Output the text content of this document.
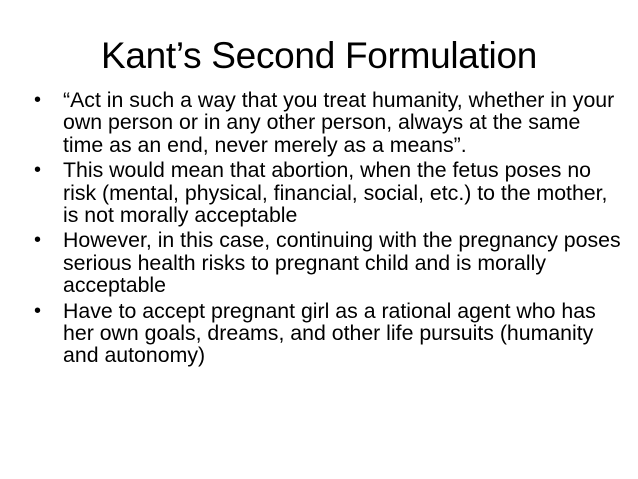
Kant’s Second Formulation
•	“Act in such a way that you treat humanity, whether in your own person or in any other person, always at the same time as an end, never merely as a means”.
•	This would mean that abortion, when the fetus poses no risk (mental, physical, financial, social, etc.) to the mother, is not morally acceptable
•	However, in this case, continuing with the pregnancy poses serious health risks to pregnant child and is morally acceptable
•	Have to accept pregnant girl as a rational agent who has her own goals, dreams, and other life pursuits (humanity and autonomy)
